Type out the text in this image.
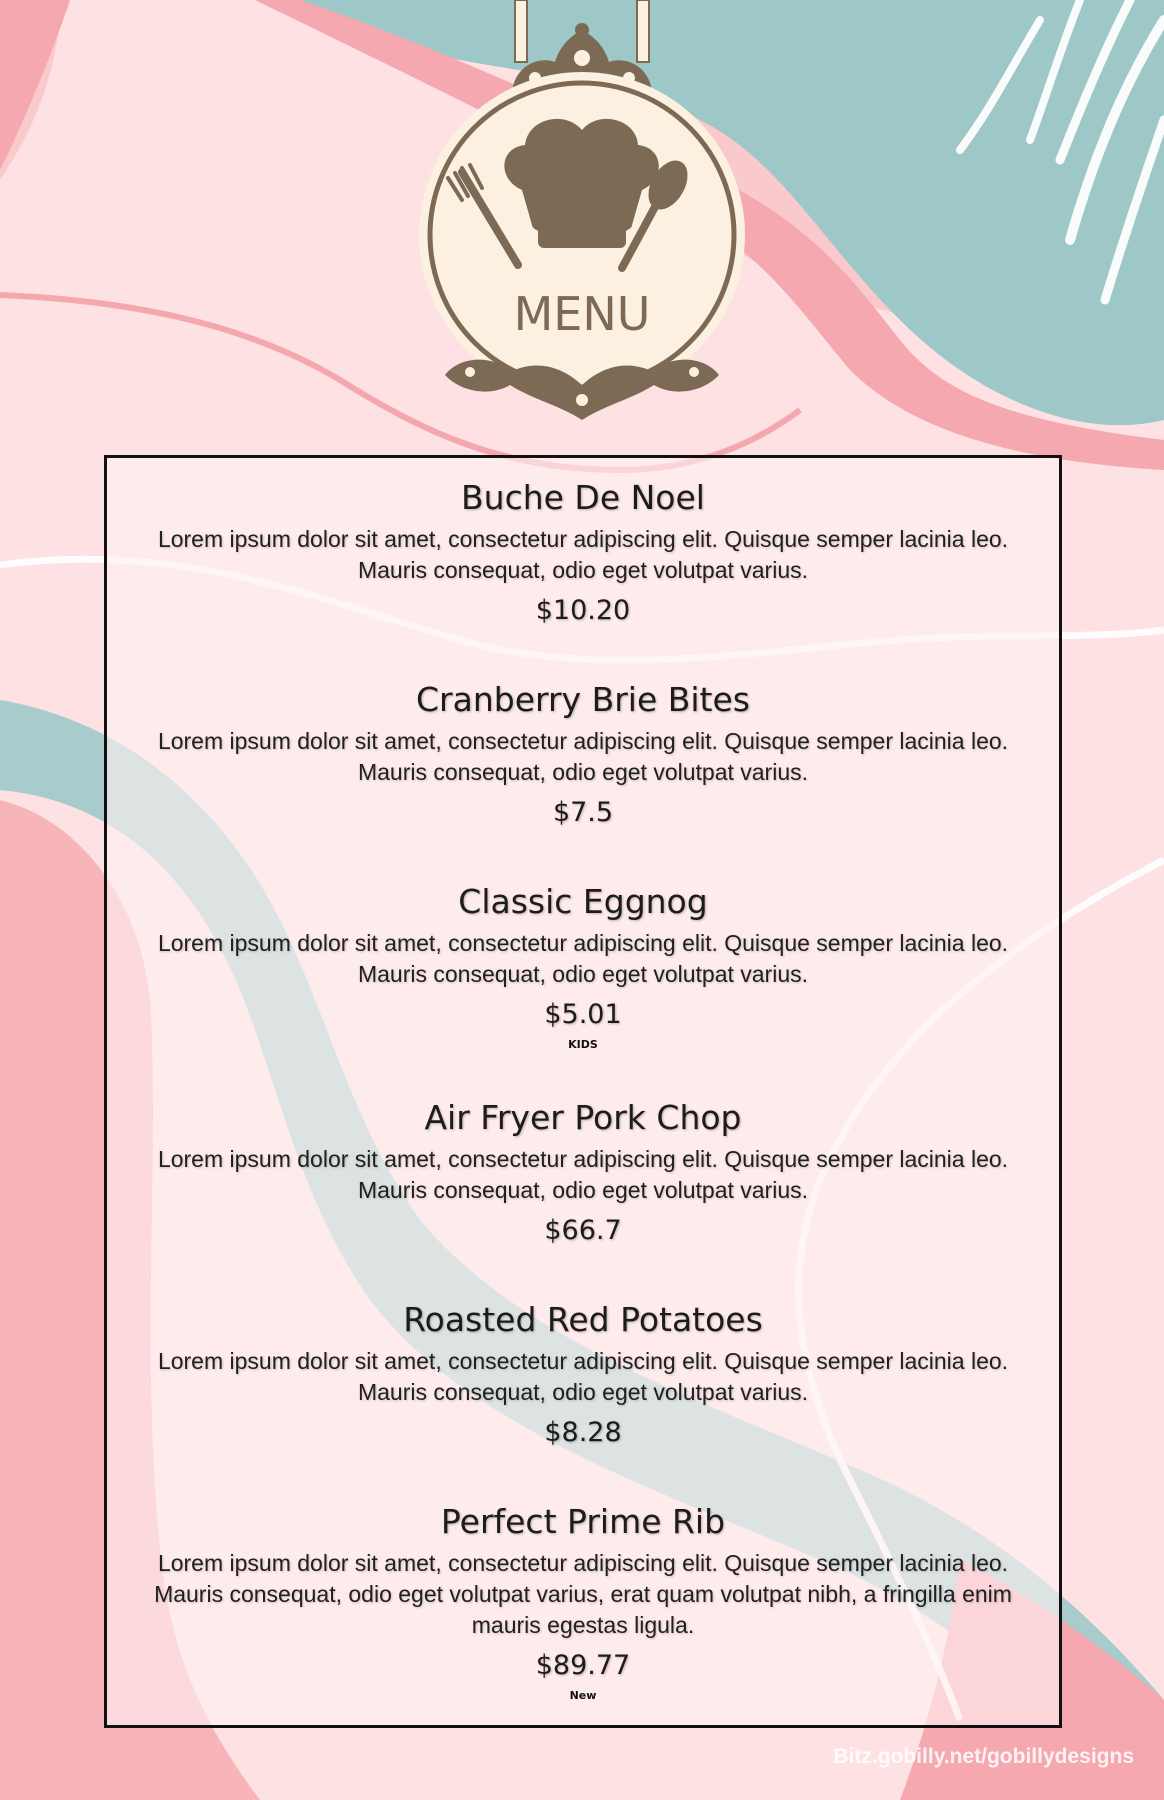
MENU

Buche De Noel

Lorem ipsum dolor sit amet, consectetur adipiscing elit. Quisque semper lacinia leo. Mauris consequat, odio eget volutpat varius.

$10.20

Cranberry Brie Bites

Lorem ipsum dolor sit amet, consectetur adipiscing elit. Quisque semper lacinia leo. Mauris consequat, odio eget volutpat varius.

$7.5

Classic Eggnog

Lorem ipsum dolor sit amet, consectetur adipiscing elit. Quisque semper lacinia leo. Mauris consequat, odio eget volutpat varius.

$5.01

KIDS

Air Fryer Pork Chop

Lorem ipsum dolor sit amet, consectetur adipiscing elit. Quisque semper lacinia leo. Mauris consequat, odio eget volutpat varius.

$66.7

Roasted Red Potatoes

Lorem ipsum dolor sit amet, consectetur adipiscing elit. Quisque semper lacinia leo. Mauris consequat, odio eget volutpat varius.

$8.28

Perfect Prime Rib

Lorem ipsum dolor sit amet, consectetur adipiscing elit. Quisque semper lacinia leo. Mauris consequat, odio eget volutpat varius, erat quam volutpat nibh, a fringilla enim mauris egestas ligula.

$89.77

New

Bitz.gobilly.net/gobillydesigns
